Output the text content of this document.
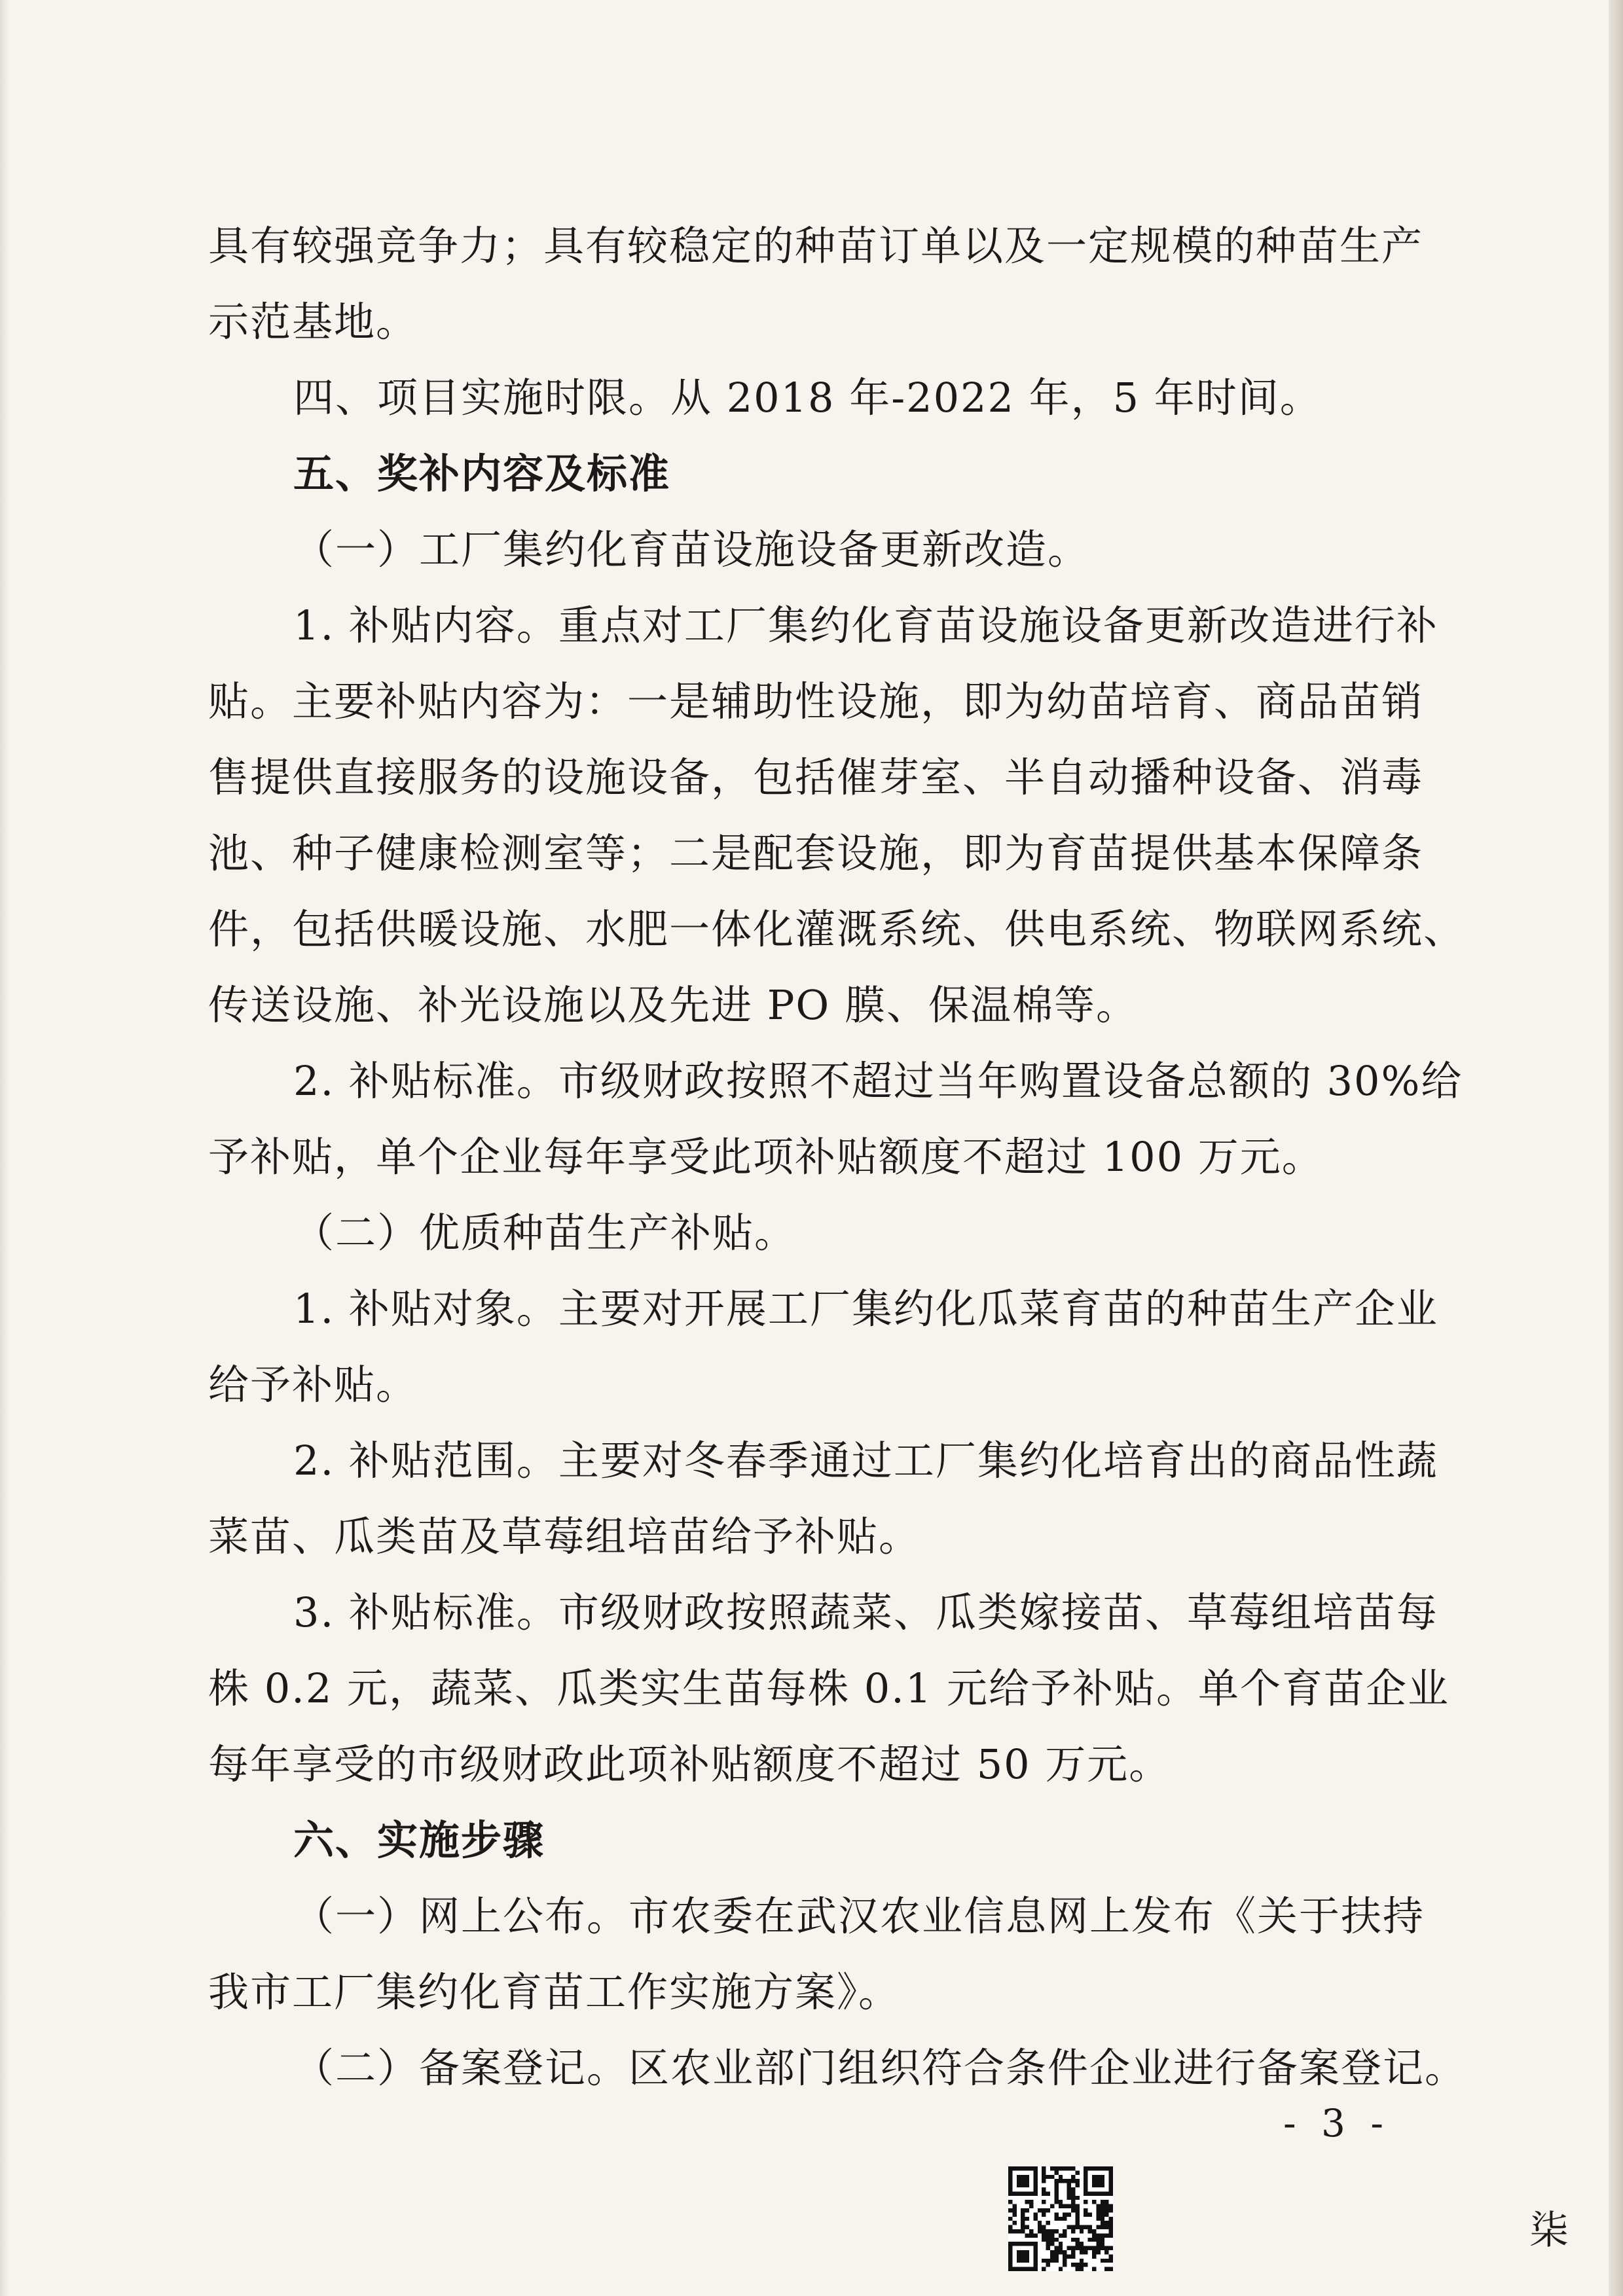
具有较强竞争力；具有较稳定的种苗订单以及一定规模的种苗生产

示范基地。

四、项目实施时限。从 2018 年-2022 年，5 年时间。

五、奖补内容及标准

（一）工厂集约化育苗设施设备更新改造。

1. 补贴内容。重点对工厂集约化育苗设施设备更新改造进行补

贴。主要补贴内容为：一是辅助性设施，即为幼苗培育、商品苗销

售提供直接服务的设施设备，包括催芽室、半自动播种设备、消毒

池、种子健康检测室等；二是配套设施，即为育苗提供基本保障条

件，包括供暖设施、水肥一体化灌溉系统、供电系统、物联网系统、

传送设施、补光设施以及先进 PO 膜、保温棉等。

2. 补贴标准。市级财政按照不超过当年购置设备总额的 30%给

予补贴，单个企业每年享受此项补贴额度不超过 100 万元。

（二）优质种苗生产补贴。

1. 补贴对象。主要对开展工厂集约化瓜菜育苗的种苗生产企业

给予补贴。

2. 补贴范围。主要对冬春季通过工厂集约化培育出的商品性蔬

菜苗、瓜类苗及草莓组培苗给予补贴。

3. 补贴标准。市级财政按照蔬菜、瓜类嫁接苗、草莓组培苗每

株 0.2 元，蔬菜、瓜类实生苗每株 0.1 元给予补贴。单个育苗企业

每年享受的市级财政此项补贴额度不超过 50 万元。

六、实施步骤

（一）网上公布。市农委在武汉农业信息网上发布《关于扶持

我市工厂集约化育苗工作实施方案》。

（二）备案登记。区农业部门组织符合条件企业进行备案登记。

- 3 -
柒
